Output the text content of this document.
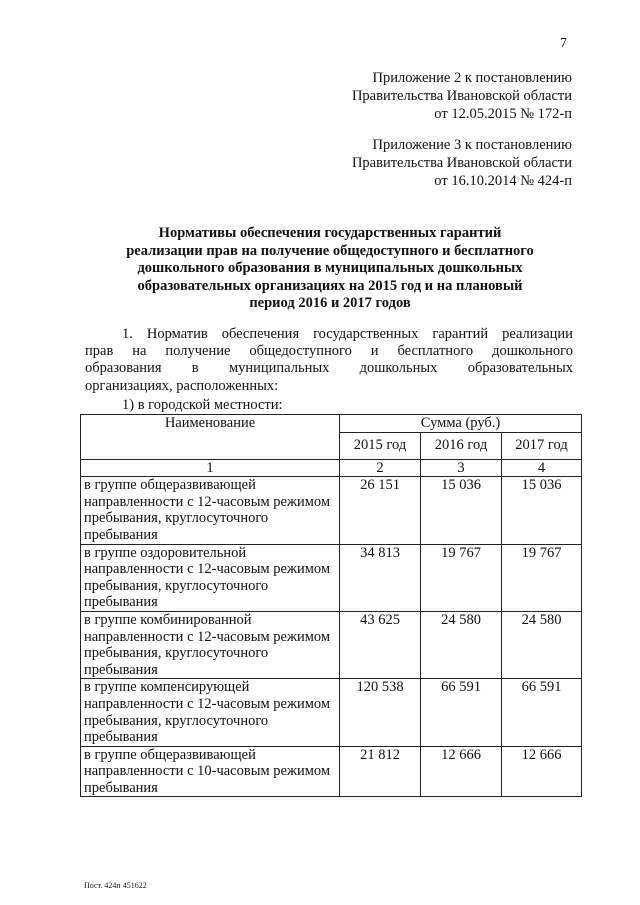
7
Приложение 2 к постановлению
Правительства Ивановской области
от 12.05.2015 № 172-п
Приложение 3 к постановлению
Правительства Ивановской области
от 16.10.2014 № 424-п
Нормативы обеспечения государственных гарантий
реализации прав на получение общедоступного и бесплатного
дошкольного образования в муниципальных дошкольных
образовательных организациях на 2015 год и на плановый
период 2016 и 2017 годов
1. Норматив обеспечения государственных гарантий реализации
прав на получение общедоступного и бесплатного дошкольного
образования в муниципальных дошкольных образовательных
организациях, расположенных:
1) в городской местности:
Наименование	Сумма (руб.)		
	2015 год	2016 год	2017 год
1	2	3	4

в группе общеразвивающей
направленности с 12-часовым режимом
пребывания, круглосуточного
пребывания	26 151	15 036	15 036

в группе оздоровительной
направленности с 12-часовым режимом
пребывания, круглосуточного
пребывания	34 813	19 767	19 767

в группе комбинированной
направленности с 12-часовым режимом
пребывания, круглосуточного
пребывания	43 625	24 580	24 580

в группе компенсирующей
направленности с 12-часовым режимом
пребывания, круглосуточного
пребывания	120 538	66 591	66 591

в группе общеразвивающей
направленности с 10-часовым режимом
пребывания	21 812	12 666	12 666
Пост. 424п 451622
